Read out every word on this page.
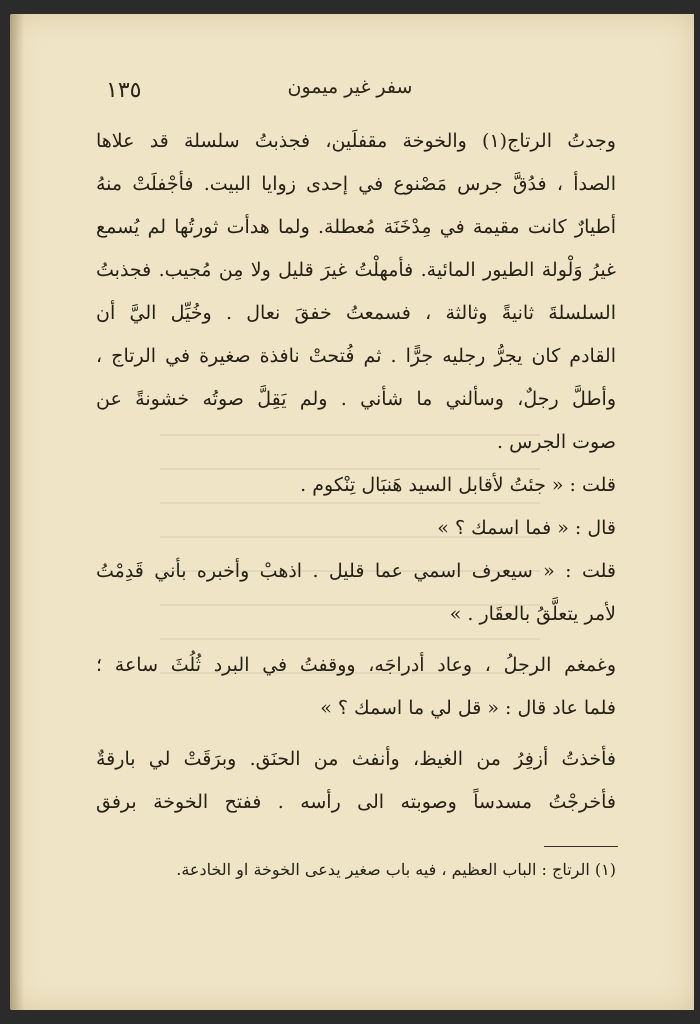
سفر غير ميمون
١٣٥
وجدتُ الرتاج(١) والخوخة مقفلَين، فجذبتُ سلسلة قد علاها
الصدأ ، فدُقَّ جرس مَصْنوع في إحدى زوايا البيت. فأجْفلَتْ منهُ
أطيارٌ كانت مقيمة في مِدْخَنَة مُعطلة. ولما هدأت ثورتُها لم يُسمع
غيرُ وَلْولة الطيور المائية. فأمهلْتُ غيرَ قليل ولا مِن مُجيب. فجذبتُ
السلسلةَ ثانيةً وثالثة ، فسمعتُ خفقَ نعال . وخُيِّل اليَّ أن
القادم كان يجرُّ رجليه جرًّا . ثم فُتحتْ نافذة صغيرة في الرتاج ،
وأطلَّ رجلٌ، وسألني ما شأني . ولم يَقِلَّ صوتُه خشونةً عن
صوت الجرس .
قلت : « جئتُ لأقابل السيد هَنبَال تِنْكوم .
قال : « فما اسمك ؟ »
قلت : « سيعرف اسمي عما قليل . اذهبْ وأخبره بأني قَدِمْتُ
لأمر يتعلَّقُ بالعقَار . »
وغمغم الرجلُ ، وعاد أدراجَه، ووقفتُ في البرد ثُلُثَ ساعة ؛
فلما عاد قال : « قل لي ما اسمك ؟ »
فأخذتُ أزفِرُ من الغيظ، وأنفث من الحنَق. وبرَقَتْ لي بارقةٌ
فأخرجْتُ مسدساً وصوبته الى رأسه . ففتح الخوخة برفق
(١) الرتاج : الباب العظيم ، فيه باب صغير يدعى الخوخة او الخادعة.
